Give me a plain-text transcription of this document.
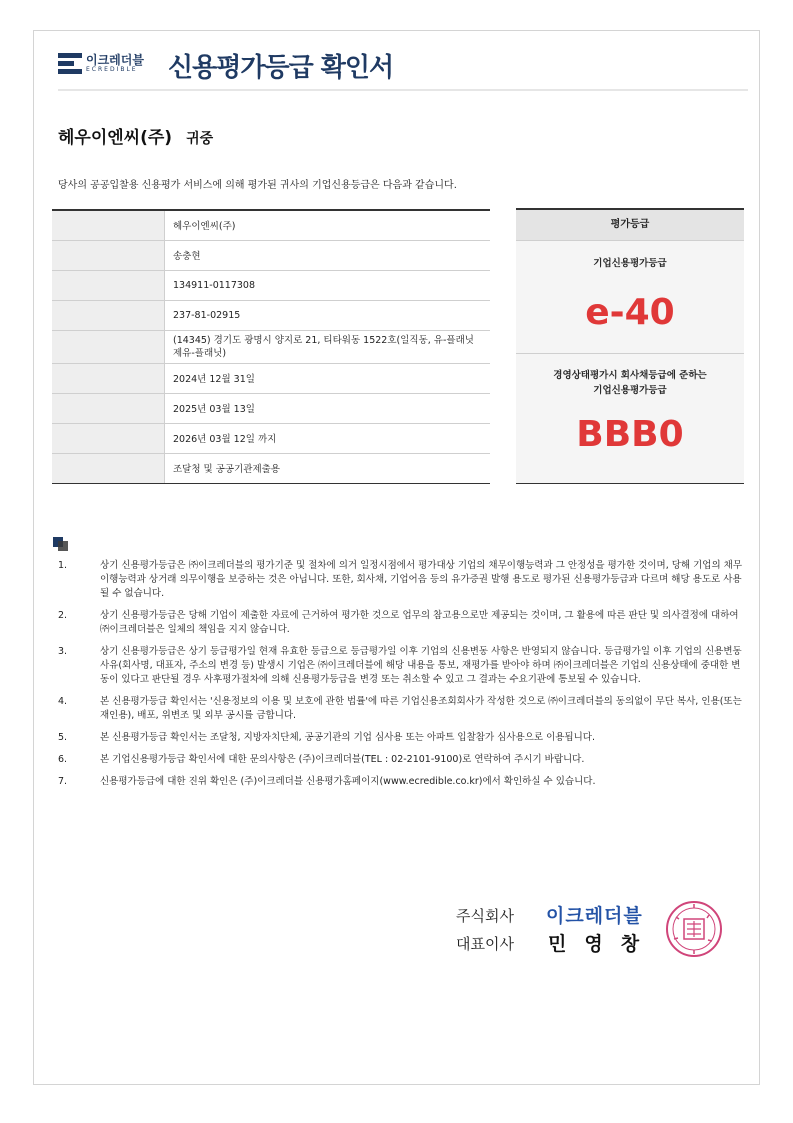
이크레더블
ECREDIBLE 신용평가등급 확인서
헤우이엔씨(주) 귀중
당사의 공공입찰용 신용평가 서비스에 의해 평가된 귀사의 기업신용등급은 다음과 같습니다.
	헤우이엔씨(주)
	송충현
	134911-0117308
	237-81-02915
	(14345) 경기도 광명시 양지로 21, 티타워동 1522호(일직동, 유-플래닛 제유-플래닛)
	2024년 12월 31일
	2025년 03월 13일
	2026년 03월 12일 까지
	조달청 및 공공기관제출용
평가등급
기업신용평가등급
e-40
경영상태평가시 회사채등급에 준하는
기업신용평가등급
BBB0
1.	상기 신용평가등급은 ㈜이크레더블의 평가기준 및 절차에 의거 일정시점에서 평가대상 기업의 채무이행능력과 그 안정성을 평가한 것이며, 당해 기업의 채무이행능력과 상거래 의무이행을 보증하는 것은 아닙니다. 또한, 회사채, 기업어음 등의 유가증권 발행 용도로 평가된 신용평가등급과 다르며 해당 용도로 사용될 수 없습니다.
2.	상기 신용평가등급은 당해 기업이 제출한 자료에 근거하여 평가한 것으로 업무의 참고용으로만 제공되는 것이며, 그 활용에 따른 판단 및 의사결정에 대하여 ㈜이크레더블은 일체의 책임을 지지 않습니다.
3.	상기 신용평가등급은 상기 등급평가일 현재 유효한 등급으로 등급평가일 이후 기업의 신용변동 사항은 반영되지 않습니다. 등급평가일 이후 기업의 신용변동 사유(회사명, 대표자, 주소의 변경 등) 발생시 기업은 ㈜이크레더블에 해당 내용을 통보, 재평가를 받아야 하며 ㈜이크레더블은 기업의 신용상태에 중대한 변동이 있다고 판단될 경우 사후평가절차에 의해 신용평가등급을 변경 또는 취소할 수 있고 그 결과는 수요기관에 통보될 수 있습니다.
4.	본 신용평가등급 확인서는 '신용정보의 이용 및 보호에 관한 법률'에 따른 기업신용조회회사가 작성한 것으로 ㈜이크레더블의 동의없이 무단 복사, 인용(또는 재인용), 배포, 위변조 및 외부 공시를 금합니다.
5.	본 신용평가등급 확인서는 조달청, 지방자치단체, 공공기관의 기업 심사용 또는 아파트 입찰참가 심사용으로 이용됩니다.
6.	본 기업신용평가등급 확인서에 대한 문의사항은 (주)이크레더블(TEL : 02-2101-9100)로 연락하여 주시기 바랍니다.
7.	신용평가등급에 대한 진위 확인은 (주)이크레더블 신용평가홈페이지(www.ecredible.co.kr)에서 확인하실 수 있습니다.
주식회사 이크레더블
대표이사 민영창
